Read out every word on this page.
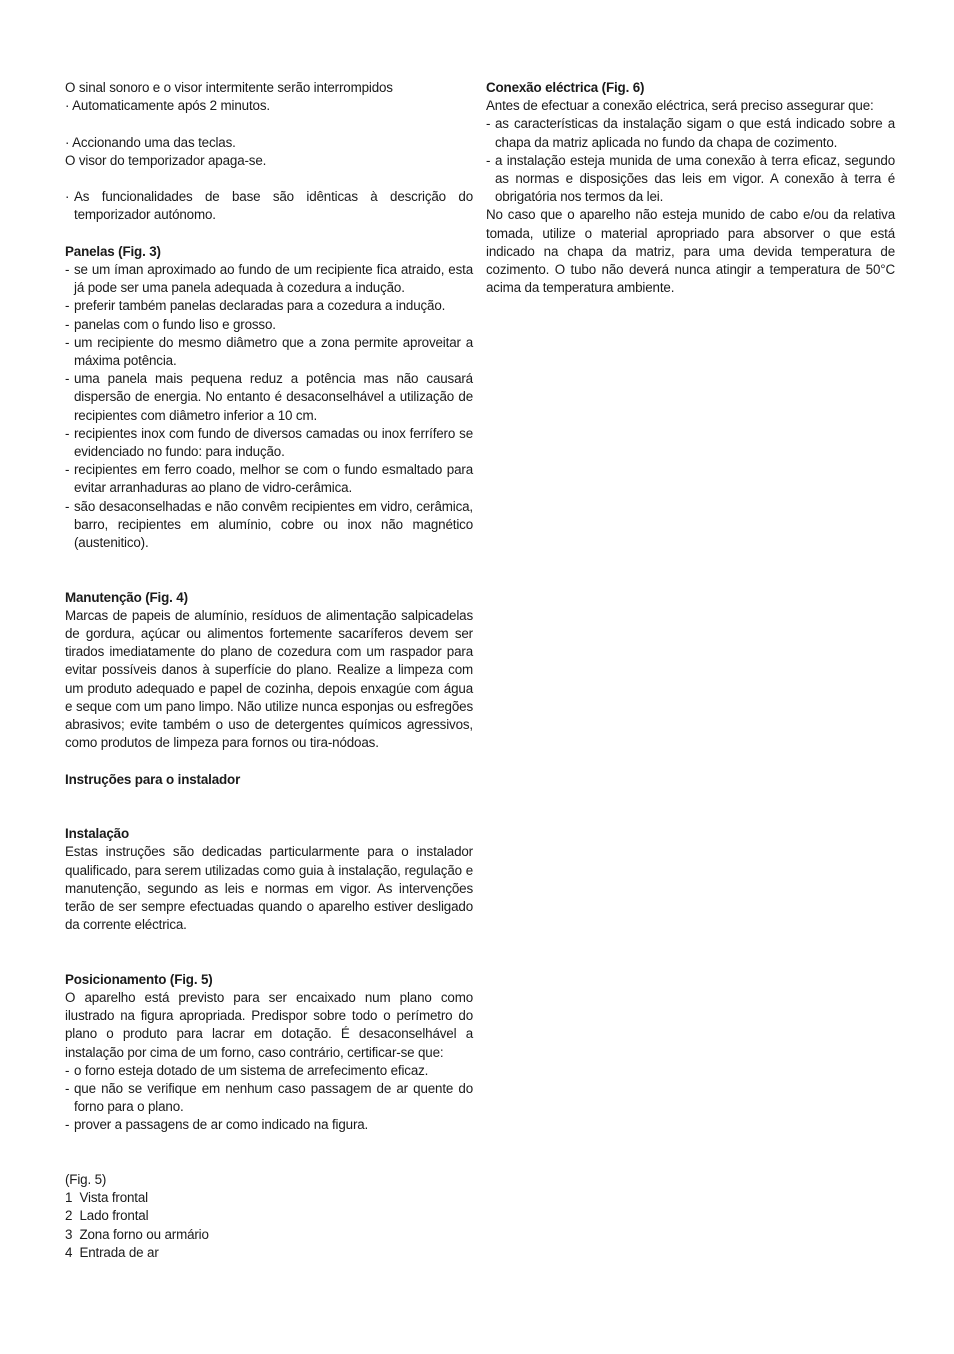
O sinal sonoro e o visor intermitente serão interrompidos

· Automaticamente após 2 minutos.

· Accionando uma das teclas.

O visor do temporizador apaga-se.

· As funcionalidades de base são idênticas à descrição do temporizador autónomo.

Panelas (Fig. 3)

- se um íman aproximado ao fundo de um recipiente fica atraido, esta já pode ser uma panela adequada à cozedura a indução.
- preferir também panelas declaradas para a cozedura a indução.
- panelas com o fundo liso e grosso.
- um recipiente do mesmo diâmetro que a zona permite aproveitar a máxima potência.
- uma panela mais pequena reduz a potência mas não causará dispersão de energia. No entanto é desaconselhável a utilização de recipientes com diâmetro inferior a 10 cm.
- recipientes inox com fundo de diversos camadas ou inox ferrífero se evidenciado no fundo: para indução.
- recipientes em ferro coado, melhor se com o fundo esmaltado para evitar arranhaduras ao plano de vidro-cerâmica.
- são desaconselhadas e não convêm recipientes em vidro, cerâmica, barro, recipientes em alumínio, cobre ou inox não magnético (austenitico).

Manutenção (Fig. 4)

Marcas de papeis de alumínio, resíduos de alimentação salpicadelas de gordura, açúcar ou alimentos fortemente sacaríferos devem ser tirados imediatamente do plano de cozedura com um raspador para evitar possíveis danos à superfície do plano. Realize a limpeza com um produto adequado e papel de cozinha, depois enxagúe com água e seque com um pano limpo. Não utilize nunca esponjas ou esfregões abrasivos; evite também o uso de detergentes químicos agressivos, como produtos de limpeza para fornos ou tira-nódoas.

Instruções para o instalador

Instalação

Estas instruções são dedicadas particularmente para o instalador qualificado, para serem utilizadas como guia à instalação, regulação e manutenção, segundo as leis e normas em vigor. As intervenções terão de ser sempre efectuadas quando o aparelho estiver desligado da corrente eléctrica.

Posicionamento (Fig. 5)

O aparelho está previsto para ser encaixado num plano como ilustrado na figura apropriada. Predispor sobre todo o perímetro do plano o produto para lacrar em dotação. É desaconselhável a instalação por cima de um forno, caso contrário, certificar-se que:

- o forno esteja dotado de um sistema de arrefecimento eficaz.
- que não se verifique em nenhum caso passagem de ar quente do forno para o plano.
- prover a passagens de ar como indicado na figura.

(Fig. 5)

1 Vista frontal

2 Lado frontal

3 Zona forno ou armário

4 Entrada de ar

Conexão eléctrica (Fig. 6)

Antes de efectuar a conexão eléctrica, será preciso assegurar que:

- as características da instalação sigam o que está indicado sobre a chapa da matriz aplicada no fundo da chapa de cozimento.
- a instalação esteja munida de uma conexão à terra eficaz, segundo as normas e disposições das leis em vigor. A conexão à terra é obrigatória nos termos da lei.

No caso que o aparelho não esteja munido de cabo e/ou da relativa tomada, utilize o material apropriado para absorver o que está indicado na chapa da matriz, para uma devida temperatura de cozimento. O tubo não deverá nunca atingir a temperatura de 50°C acima da temperatura ambiente.
